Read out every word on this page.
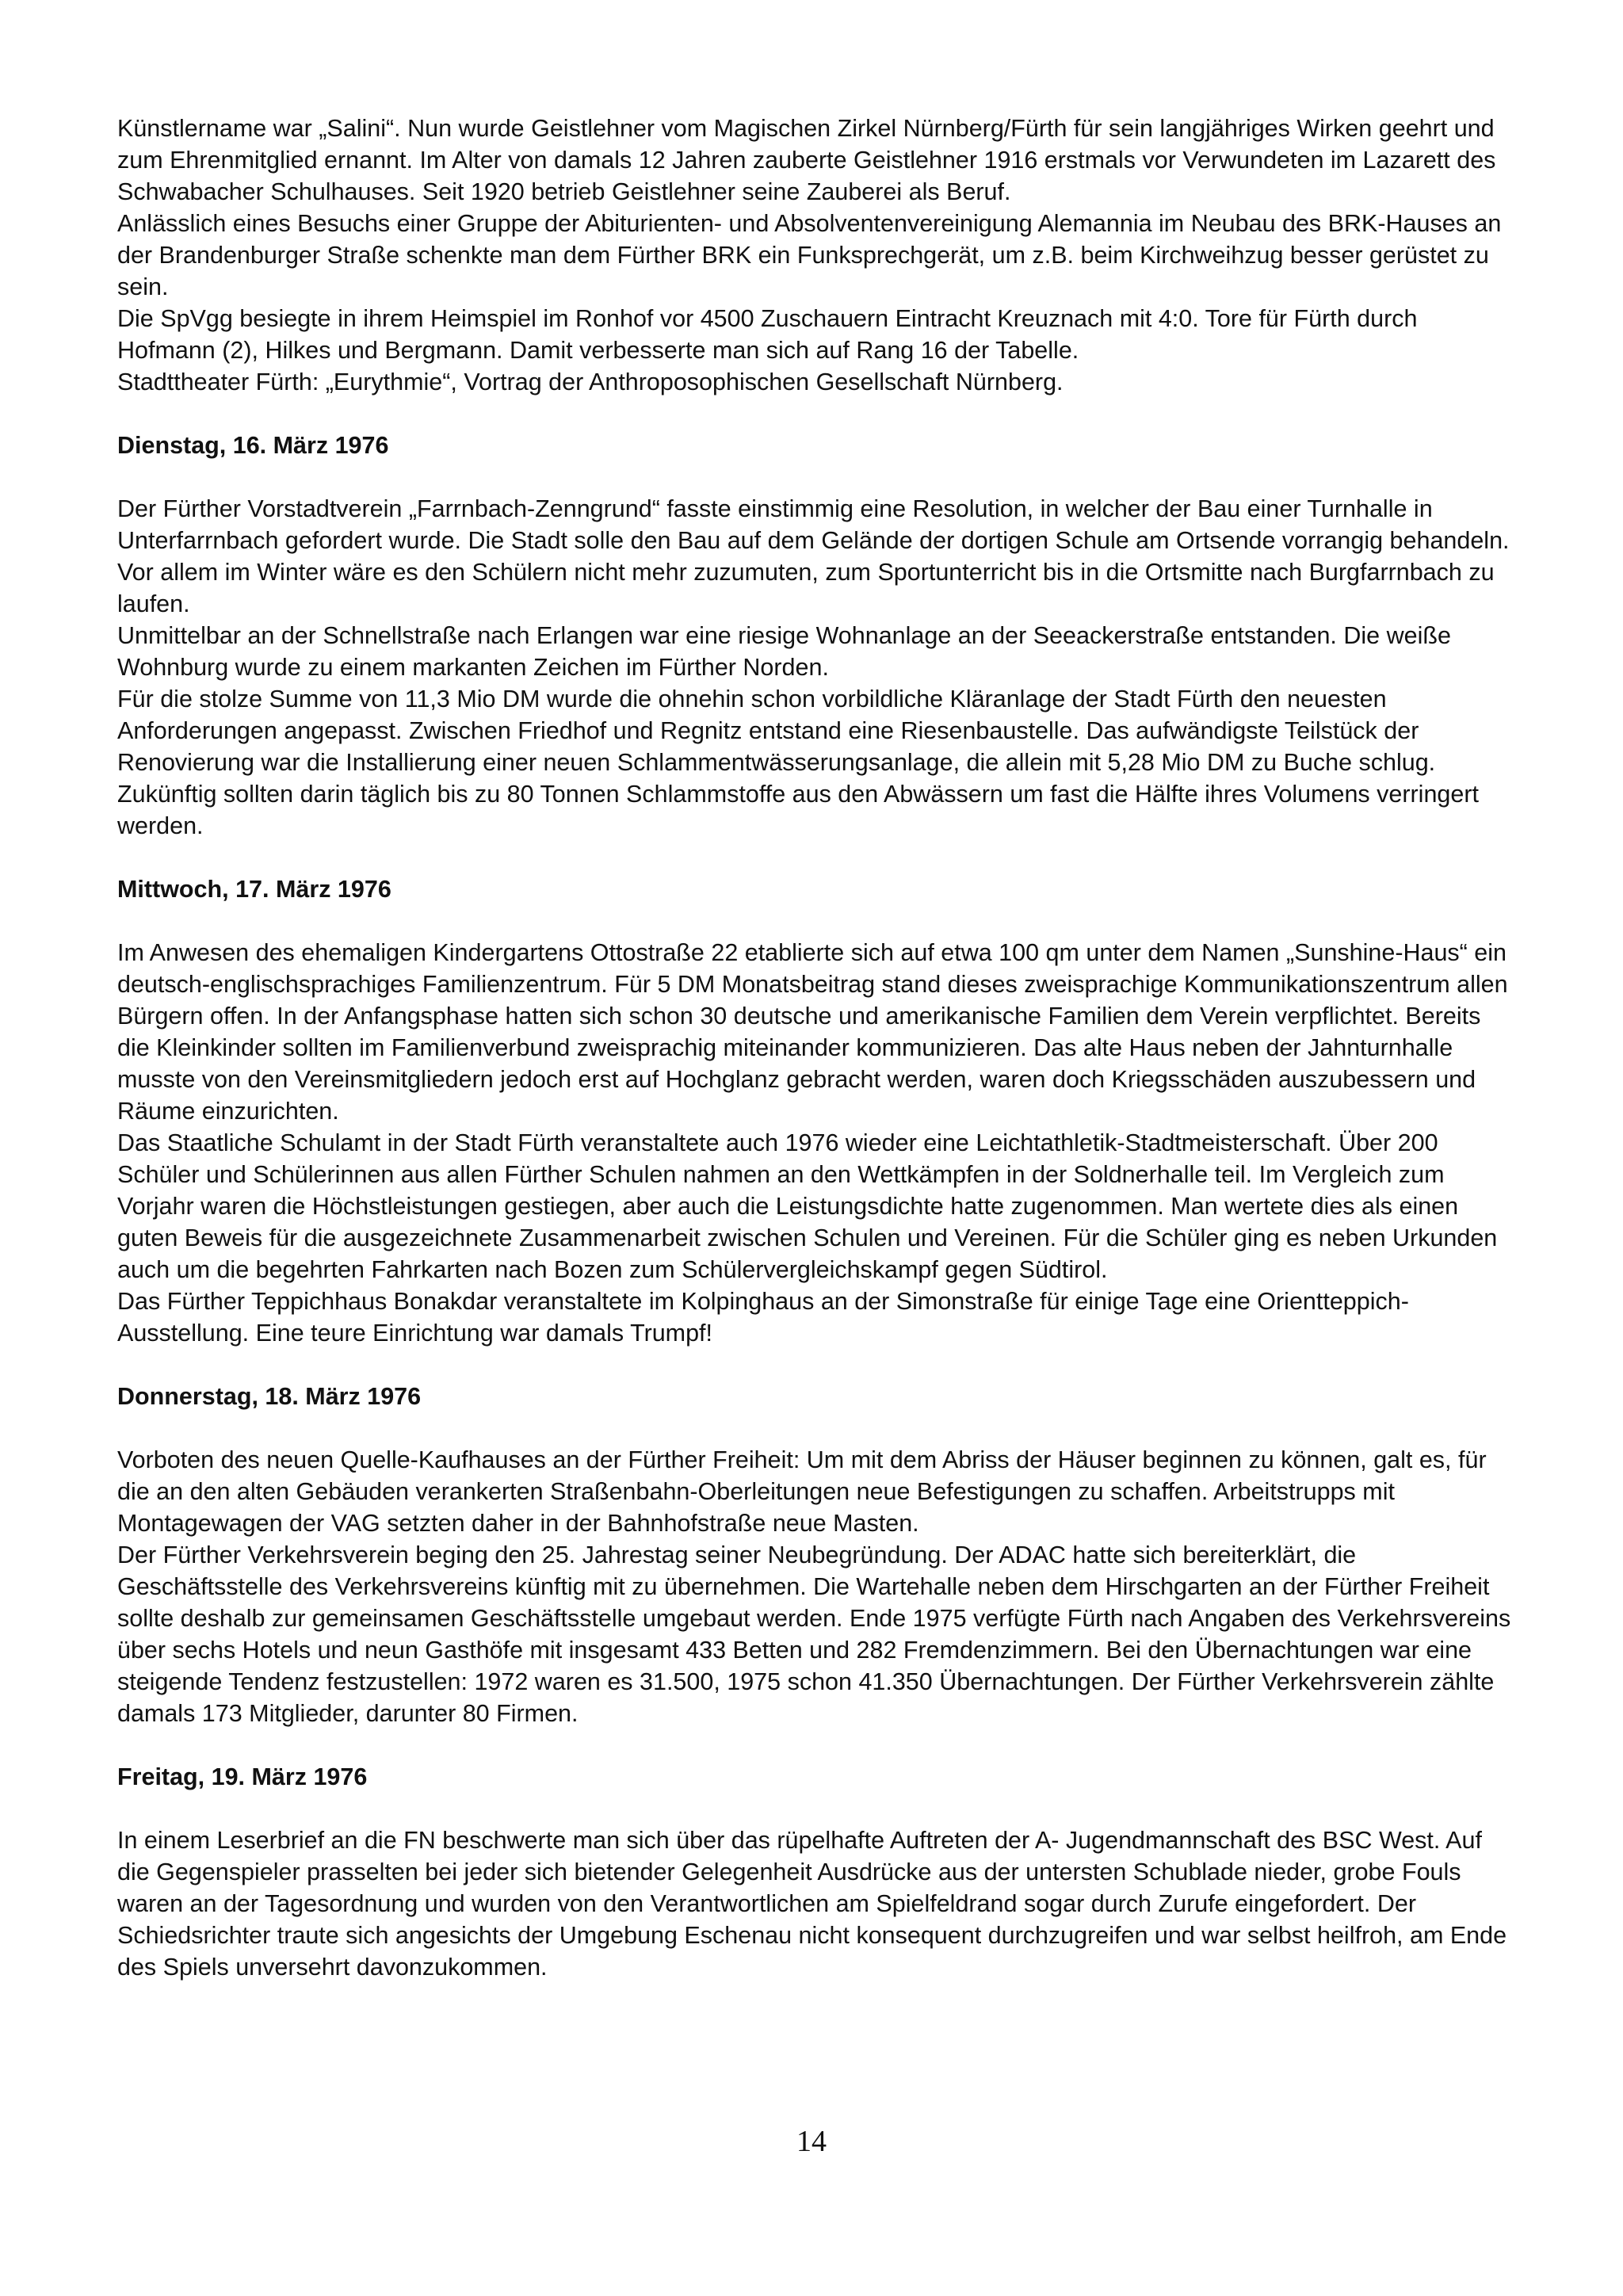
Künstlername war „Salini“. Nun wurde Geistlehner vom Magischen Zirkel Nürnberg/Fürth für sein langjähriges Wirken geehrt und zum Ehrenmitglied ernannt. Im Alter von damals 12 Jahren zauberte Geistlehner 1916 erstmals vor Verwundeten im Lazarett des Schwabacher Schulhauses. Seit 1920 betrieb Geistlehner seine Zauberei als Beruf.

Anlässlich eines Besuchs einer Gruppe der Abiturienten- und Absolventenvereinigung Alemannia im Neubau des BRK-Hauses an der Brandenburger Straße schenkte man dem Fürther BRK ein Funksprechgerät, um z.B. beim Kirchweihzug besser gerüstet zu sein.

Die SpVgg besiegte in ihrem Heimspiel im Ronhof vor 4500 Zuschauern Eintracht Kreuznach mit 4:0. Tore für Fürth durch Hofmann (2), Hilkes und Bergmann. Damit verbesserte man sich auf Rang 16 der Tabelle.

Stadttheater Fürth: „Eurythmie“, Vortrag der Anthroposophischen Gesellschaft Nürnberg.

Dienstag, 16. März 1976

Der Fürther Vorstadtverein „Farrnbach-Zenngrund“ fasste einstimmig eine Resolution, in welcher der Bau einer Turnhalle in Unterfarrnbach gefordert wurde. Die Stadt solle den Bau auf dem Gelände der dortigen Schule am Ortsende vorrangig behandeln. Vor allem im Winter wäre es den Schülern nicht mehr zuzumuten, zum Sportunterricht bis in die Ortsmitte nach Burgfarrnbach zu laufen.

Unmittelbar an der Schnellstraße nach Erlangen war eine riesige Wohnanlage an der Seeackerstraße entstanden. Die weiße Wohnburg wurde zu einem markanten Zeichen im Fürther Norden.

Für die stolze Summe von 11,3 Mio DM wurde die ohnehin schon vorbildliche Kläranlage der Stadt Fürth den neuesten Anforderungen angepasst. Zwischen Friedhof und Regnitz entstand eine Riesenbaustelle. Das aufwändigste Teilstück der Renovierung war die Installierung einer neuen Schlammentwässerungsanlage, die allein mit 5,28 Mio DM zu Buche schlug. Zukünftig sollten darin täglich bis zu 80 Tonnen Schlammstoffe aus den Abwässern um fast die Hälfte ihres Volumens verringert werden.

Mittwoch, 17. März 1976

Im Anwesen des ehemaligen Kindergartens Ottostraße 22 etablierte sich auf etwa 100 qm unter dem Namen „Sunshine-Haus“ ein deutsch-englischsprachiges Familienzentrum. Für 5 DM Monatsbeitrag stand dieses zweisprachige Kommunikationszentrum allen Bürgern offen. In der Anfangsphase hatten sich schon 30 deutsche und amerikanische Familien dem Verein verpflichtet. Bereits die Kleinkinder sollten im Familienverbund zweisprachig miteinander kommunizieren. Das alte Haus neben der Jahnturnhalle musste von den Vereinsmitgliedern jedoch erst auf Hochglanz gebracht werden, waren doch Kriegsschäden auszubessern und Räume einzurichten.

Das Staatliche Schulamt in der Stadt Fürth veranstaltete auch 1976 wieder eine Leichtathletik-Stadtmeisterschaft. Über 200 Schüler und Schülerinnen aus allen Fürther Schulen nahmen an den Wettkämpfen in der Soldnerhalle teil. Im Vergleich zum Vorjahr waren die Höchstleistungen gestiegen, aber auch die Leistungsdichte hatte zugenommen. Man wertete dies als einen guten Beweis für die ausgezeichnete Zusammenarbeit zwischen Schulen und Vereinen. Für die Schüler ging es neben Urkunden auch um die begehrten Fahrkarten nach Bozen zum Schülervergleichskampf gegen Südtirol.

Das Fürther Teppichhaus Bonakdar veranstaltete im Kolpinghaus an der Simonstraße für einige Tage eine Orientteppich-Ausstellung. Eine teure Einrichtung war damals Trumpf!

Donnerstag, 18. März 1976

Vorboten des neuen Quelle-Kaufhauses an der Fürther Freiheit: Um mit dem Abriss der Häuser beginnen zu können, galt es, für die an den alten Gebäuden verankerten Straßenbahn-Oberleitungen neue Befestigungen zu schaffen. Arbeitstrupps mit Montagewagen der VAG setzten daher in der Bahnhofstraße neue Masten.

Der Fürther Verkehrsverein beging den 25. Jahrestag seiner Neubegründung. Der ADAC hatte sich bereiterklärt, die Geschäftsstelle des Verkehrsvereins künftig mit zu übernehmen. Die Wartehalle neben dem Hirschgarten an der Fürther Freiheit sollte deshalb zur gemeinsamen Geschäftsstelle umgebaut werden. Ende 1975 verfügte Fürth nach Angaben des Verkehrsvereins über sechs Hotels und neun Gasthöfe mit insgesamt 433 Betten und 282 Fremdenzimmern. Bei den Übernachtungen war eine steigende Tendenz festzustellen: 1972 waren es 31.500, 1975 schon 41.350 Übernachtungen. Der Fürther Verkehrsverein zählte damals 173 Mitglieder, darunter 80 Firmen.

Freitag, 19. März 1976

In einem Leserbrief an die FN beschwerte man sich über das rüpelhafte Auftreten der A- Jugendmannschaft des BSC West. Auf die Gegenspieler prasselten bei jeder sich bietender Gelegenheit Ausdrücke aus der untersten Schublade nieder, grobe Fouls waren an der Tagesordnung und wurden von den Verantwortlichen am Spielfeldrand sogar durch Zurufe eingefordert. Der Schiedsrichter traute sich angesichts der Umgebung Eschenau nicht konsequent durchzugreifen und war selbst heilfroh, am Ende des Spiels unversehrt davonzukommen.

14
